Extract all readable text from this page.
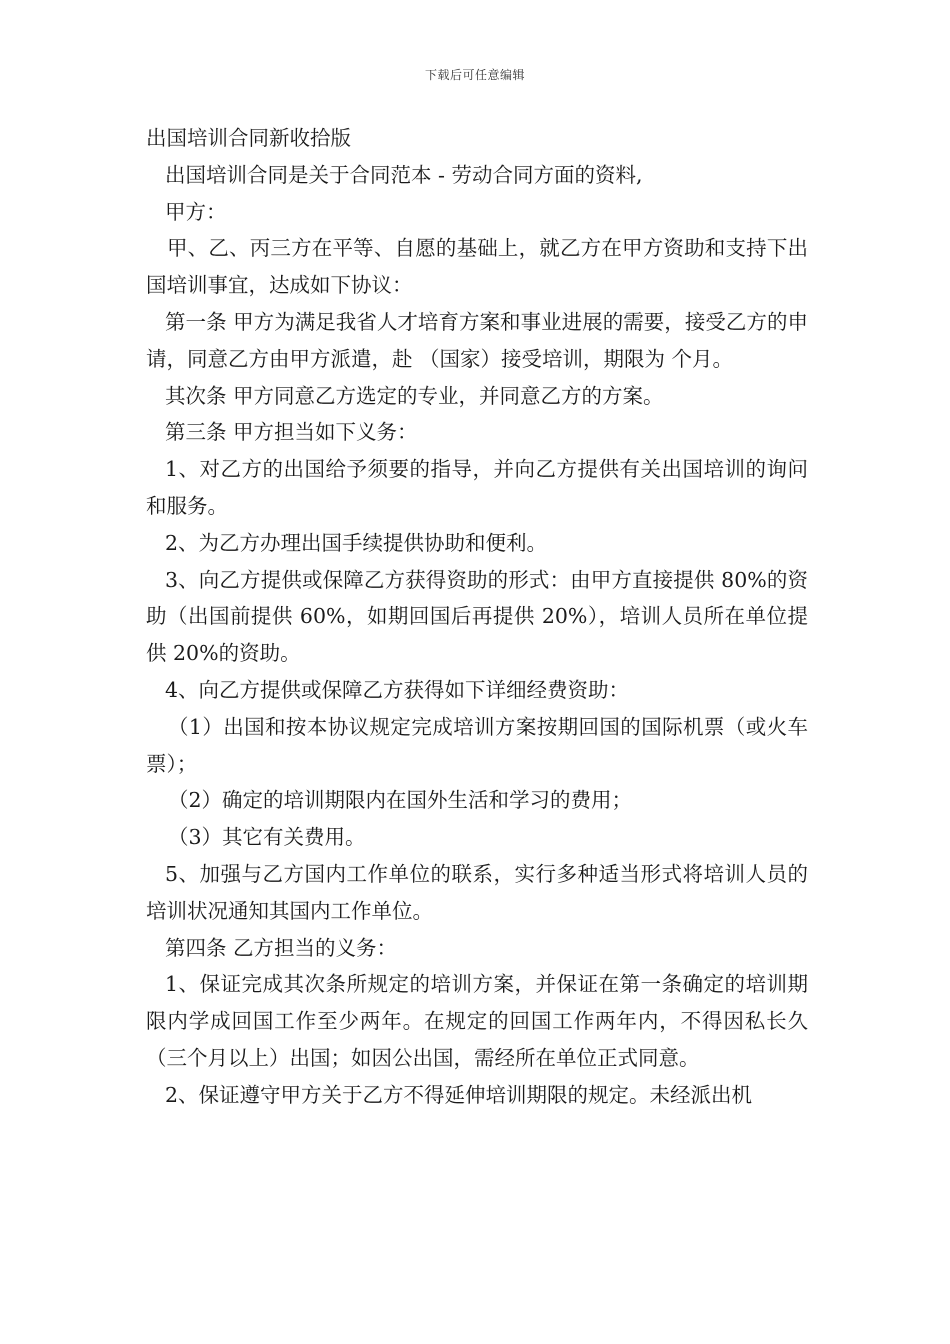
下载后可任意编辑

出国培训合同新收拾版

出国培训合同是关于合同范本 - 劳动合同方面的资料,

甲方：

甲、乙、丙三方在平等、自愿的基础上，就乙方在甲方资助和支持下出国培训事宜，达成如下协议：

第一条 甲方为满足我省人才培育方案和事业进展的需要，接受乙方的申请，同意乙方由甲方派遣，赴 （国家）接受培训，期限为 个月。

其次条 甲方同意乙方选定的专业，并同意乙方的方案。

第三条 甲方担当如下义务：

1、对乙方的出国给予须要的指导，并向乙方提供有关出国培训的询问和服务。

2、为乙方办理出国手续提供协助和便利。

3、向乙方提供或保障乙方获得资助的形式：由甲方直接提供 80%的资助（出国前提供 60%，如期回国后再提供 20%），培训人员所在单位提供 20%的资助。

4、向乙方提供或保障乙方获得如下详细经费资助：

（1）出国和按本协议规定完成培训方案按期回国的国际机票（或火车票）；

（2）确定的培训期限内在国外生活和学习的费用；

（3）其它有关费用。

5、加强与乙方国内工作单位的联系，实行多种适当形式将培训人员的培训状况通知其国内工作单位。

第四条 乙方担当的义务：

1、保证完成其次条所规定的培训方案，并保证在第一条确定的培训期限内学成回国工作至少两年。在规定的回国工作两年内，不得因私长久（三个月以上）出国；如因公出国，需经所在单位正式同意。

2、保证遵守甲方关于乙方不得延伸培训期限的规定。未经派出机
